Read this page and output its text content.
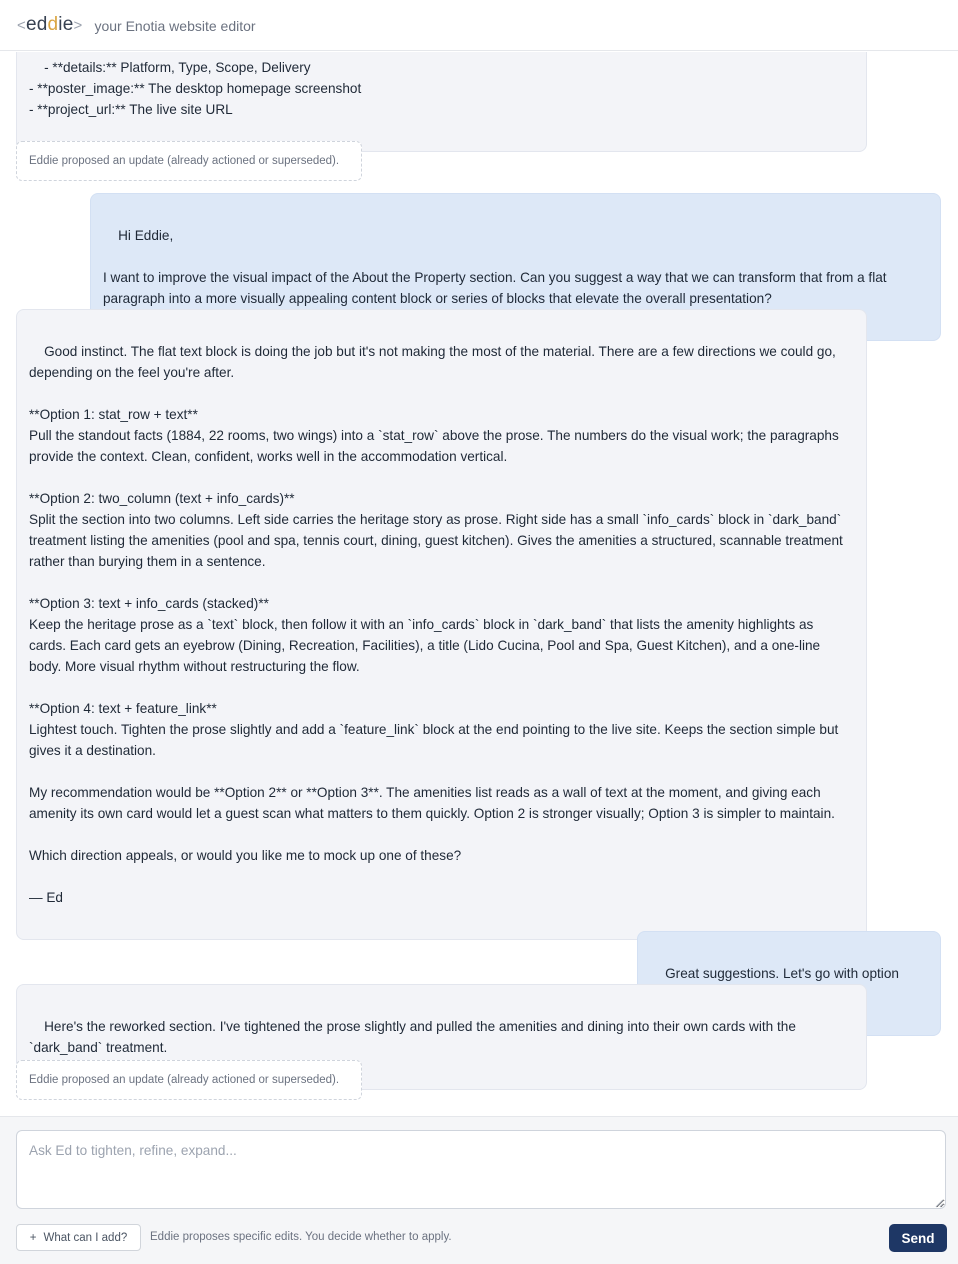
< ed d ie > your Enotia website editor

- **details:** Platform, Type, Scope, Delivery
- **poster_image:** The desktop homepage screenshot
- **project_url:** The live site URL

Eddie proposed an update (already actioned or superseded).

Hi Eddie,

I want to improve the visual impact of the About the Property section. Can you suggest a way that we can transform that from a flat paragraph into a more visually appealing content block or series of blocks that elevate the overall presentation?

Good instinct. The flat text block is doing the job but it's not making the most of the material. There are a few directions we could go, depending on the feel you're after.

**Option 1: stat_row + text**
Pull the standout facts (1884, 22 rooms, two wings) into a `stat_row` above the prose. The numbers do the visual work; the paragraphs provide the context. Clean, confident, works well in the accommodation vertical.

**Option 2: two_column (text + info_cards)**
Split the section into two columns. Left side carries the heritage story as prose. Right side has a small `info_cards` block in `dark_band` treatment listing the amenities (pool and spa, tennis court, dining, guest kitchen). Gives the amenities a structured, scannable treatment rather than burying them in a sentence.

**Option 3: text + info_cards (stacked)**
Keep the heritage prose as a `text` block, then follow it with an `info_cards` block in `dark_band` that lists the amenity highlights as cards. Each card gets an eyebrow (Dining, Recreation, Facilities), a title (Lido Cucina, Pool and Spa, Guest Kitchen), and a one-line body. More visual rhythm without restructuring the flow.

**Option 4: text + feature_link**
Lightest touch. Tighten the prose slightly and add a `feature_link` block at the end pointing to the live site. Keeps the section simple but gives it a destination.

My recommendation would be **Option 2** or **Option 3**. The amenities list reads as a wall of text at the moment, and giving each amenity its own card would let a guest scan what matters to them quickly. Option 2 is stronger visually; Option 3 is simpler to maintain.

Which direction appeals, or would you like me to mock up one of these?

— Ed

Great suggestions. Let's go with option

Here's the reworked section. I've tightened the prose slightly and pulled the amenities and dining into their own cards with the `dark_band` treatment.

Eddie proposed an update (already actioned or superseded).
Ask Ed to tighten, refine, expand...
+ What can I add? Eddie proposes specific edits. You decide whether to apply.	Send
